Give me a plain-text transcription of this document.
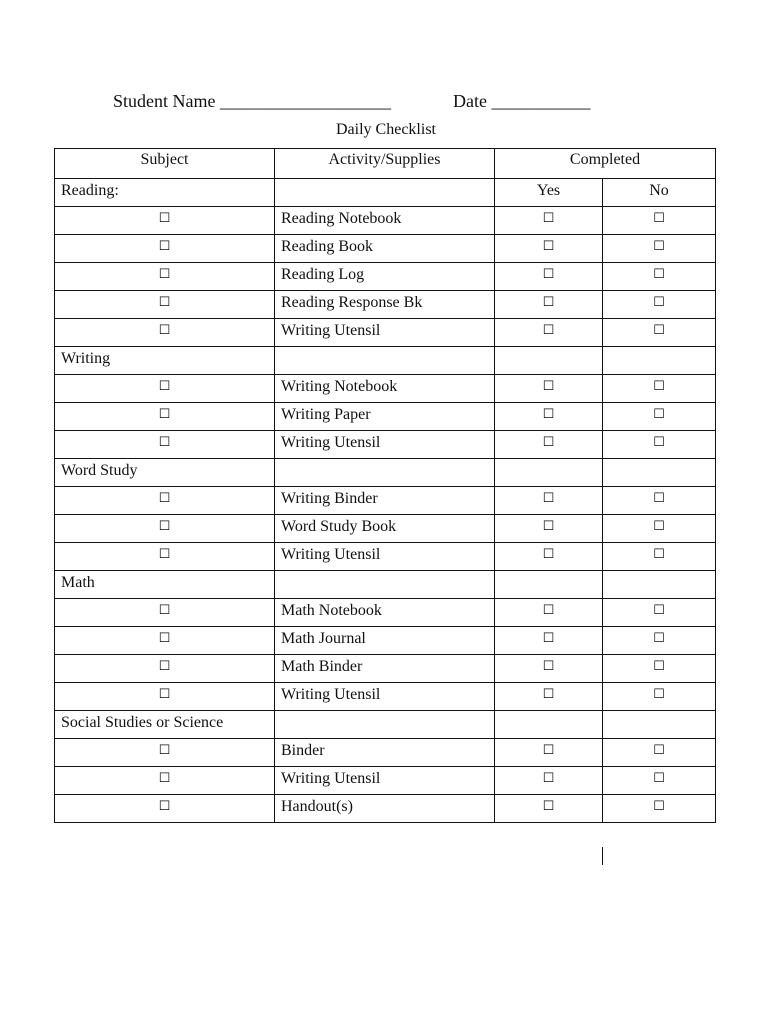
Student Name ___________________	Date ___________
Daily Checklist
Subject	Activity/Supplies	Completed	
Reading:		Yes	No
☐	Reading Notebook	☐	☐
☐	Reading Book	☐	☐
☐	Reading Log	☐	☐
☐	Reading Response Bk	☐	☐
☐	Writing Utensil	☐	☐
Writing			
☐	Writing Notebook	☐	☐
☐	Writing Paper	☐	☐
☐	Writing Utensil	☐	☐
Word Study			
☐	Writing Binder	☐	☐
☐	Word Study Book	☐	☐
☐	Writing Utensil	☐	☐
Math			
☐	Math Notebook	☐	☐
☐	Math Journal	☐	☐
☐	Math Binder	☐	☐
☐	Writing Utensil	☐	☐
Social Studies or Science			
☐	Binder	☐	☐
☐	Writing Utensil	☐	☐
☐	Handout(s)	☐	☐
